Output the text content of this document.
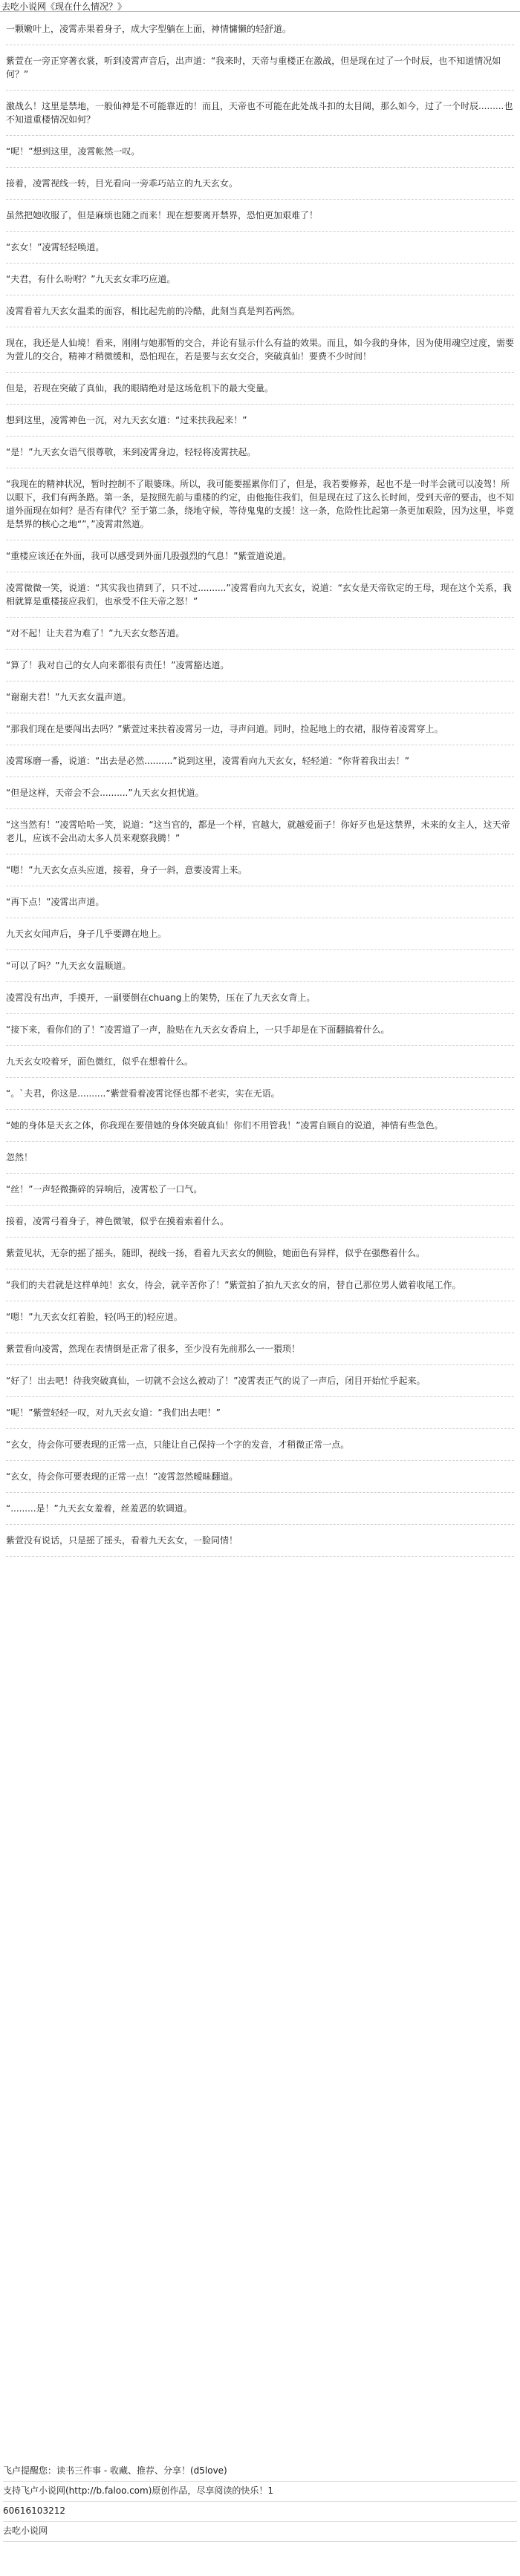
去吃小说网《现在什么情况？》

一颗嫩叶上，凌霄赤果着身子，成大字型躺在上面，神情慵懒的轻舒道。

紫萱在一旁正穿著衣裳，听到凌霄声音后，出声道：“我来时，天帝与重楼正在激战，但是现在过了一个时辰，也不知道情况如何？”

激战么！这里是禁地，一般仙神是不可能靠近的！而且，天帝也不可能在此处战斗扣的太目阔，那么如今，过了一个时辰.........也不知道重楼情况如何？

“呢！”想到这里，凌霄帐然一叹。

接着，凌霄视线一转，目光看向一旁乖巧站立的九天玄女。

虽然把她收服了，但是麻烦也随之而来！现在想要离开禁界，恐怕更加艰难了！

“玄女！”凌霄轻轻唤道。

“夫君，有什么吩咐？”九天玄女乖巧应道。

凌霄看着九天玄女温柔的面容，相比起先前的冷酷，此刻当真是判若两然。

现在，我还是人仙境！看来，刚刚与她那暂的交合，并论有显示什么有益的效果。而且，如今我的身体，因为使用魂空过度，需要为萱儿的交合，精神才稍微缓和，恐怕现在，若是要与玄女交合，突破真仙！要费不少时间！

但是，若现在突破了真仙，我的眼睛绝对是这场危机下的最大变量。

想到这里，凌霄神色一沉，对九天玄女道：“过来扶我起来！”

“是！”九天玄女语气很尊敬，来到凌霄身边，轻轻将凌霄扶起。

“我现在的精神状况，暂时控制不了眼婆珠。所以，我可能要摇累你们了，但是，我若要修养，起也不是一时半会就可以凌驾！所以眼下，我们有两条路。第一条，是按照先前与重楼的约定，由他拖住我们，但是现在过了这么长时间，受到天帝的要击，也不知道外面现在如何？是否有律代？至于第二条，绕地守候，等待鬼鬼的支援！这一条，危险性比起第一条更加艰险，因为这里，毕竟是禁界的核心之地“”，”凌霄肃然道。

“重楼应该还在外面，我可以感受到外面几股强烈的气息！”紫萱道说道。

凌霄微微一笑，说道：“其实我也猜到了，只不过..........”凌霄看向九天玄女，说道：“玄女是天帝钦定的王母，现在这个关系，我相就算是重楼接应我们，也承受不住天帝之怒！”

“对不起！让夫君为难了！”九天玄女愁苦道。

“算了！我对自己的女人向来都很有责任！”凌霄豁达道。

“谢谢夫君！”九天玄女温声道。

“那我们现在是要闯出去吗？”紫萱过来扶着凌霄另一边，寻声问道。同时，捡起地上的衣裙，服侍着凌霄穿上。

凌霄琢磨一番，说道：“出去是必然..........”说到这里，凌霄看向九天玄女，轻轻道：“你背着我出去！”

“但是这样，天帝会不会..........”九天玄女担忧道。

“这当然有！”凌霄哈哈一笑，说道：“这当官的，都是一个样，官越大，就越爱面子！你好歹也是这禁界，未来的女主人，这天帝老儿，应该不会出动太多人员来观察我腾！”

“嗯！”九天玄女点头应道，接着，身子一斜，意要凌霄上来。

“再下点！”凌霄出声道。

九天玄女闻声后，身子几乎要蹲在地上。

“可以了吗？”九天玄女温顺道。

凌霄没有出声，手摸开，一副要倒在chuang上的架势，压在了九天玄女背上。

“接下来，看你们的了！”凌霄道了一声，脸贴在九天玄女香肩上，一只手却是在下面翻搞着什么。

九天玄女咬着牙，面色微红，似乎在想着什么。

“。`夫君，你这是..........”紫萱看着凌霄诧怪也都不老实，实在无语。

“她的身体是天玄之体，你我现在要借她的身体突破真仙！你们不用管我！”凌霄自顾自的说道，神情有些急色。

忽然！

“丝！”一声轻微撕碎的异响后，凌霄松了一口气。

接着，凌霄弓着身子，神色微皱，似乎在摸着索着什么。

紫萱见状，无奈的摇了摇头，随即，视线一扬，看着九天玄女的侧脸，她面色有异样，似乎在强憋着什么。

“我们的夫君就是这样单纯！玄女，待会，就辛苦你了！”紫萱拍了拍九天玄女的肩，替自己那位男人做着收尾工作。

“嗯！”九天玄女红着脸，轻(吗王的)轻应道。

紫萱看向凌霄，然现在表情倒是正常了很多，至少没有先前那么一一猥琐！

“好了！出去吧！待我突破真仙，一切就不会这么被动了！”凌霄表正气的说了一声后，闭目开始忙乎起来。

“呢！”紫萱轻轻一叹，对九天玄女道：“我们出去吧！”

“玄女，待会你可要表现的正常一点，只能让自己保持一个字的发音，才稍微正常一点。

“玄女，待会你可要表现的正常一点！”凌霄忽然暧昧翻道。

“.........是！”九天玄女羞着，丝羞恶的软调道。

紫萱没有说话，只是摇了摇头，看着九天玄女，一脸同情！

飞卢提醒您：读书三件事 - 收藏、推荐、分享！(d5love)
支持飞卢小说网(http://b.faloo.com)原创作品，尽享阅读的快乐！1
6061610321​2
去吃小说网
